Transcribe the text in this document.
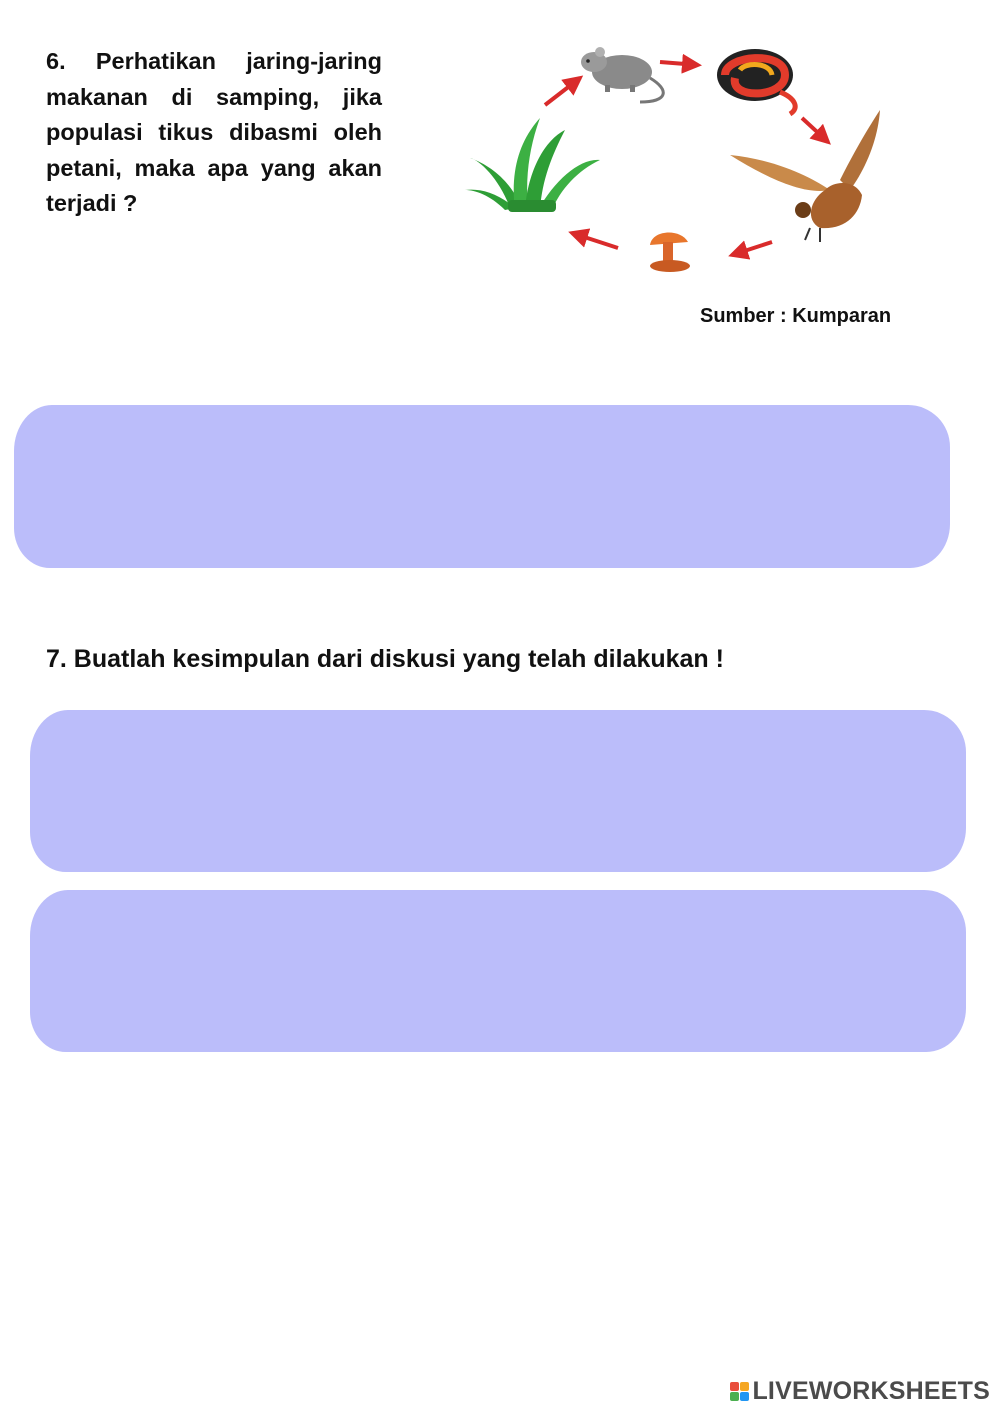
6. Perhatikan jaring-jaring makanan di samping, jika populasi tikus dibasmi oleh petani, maka apa yang akan terjadi ?
Sumber : Kumparan
7. Buatlah kesimpulan dari diskusi yang telah dilakukan !
LIVEWORKSHEETS
